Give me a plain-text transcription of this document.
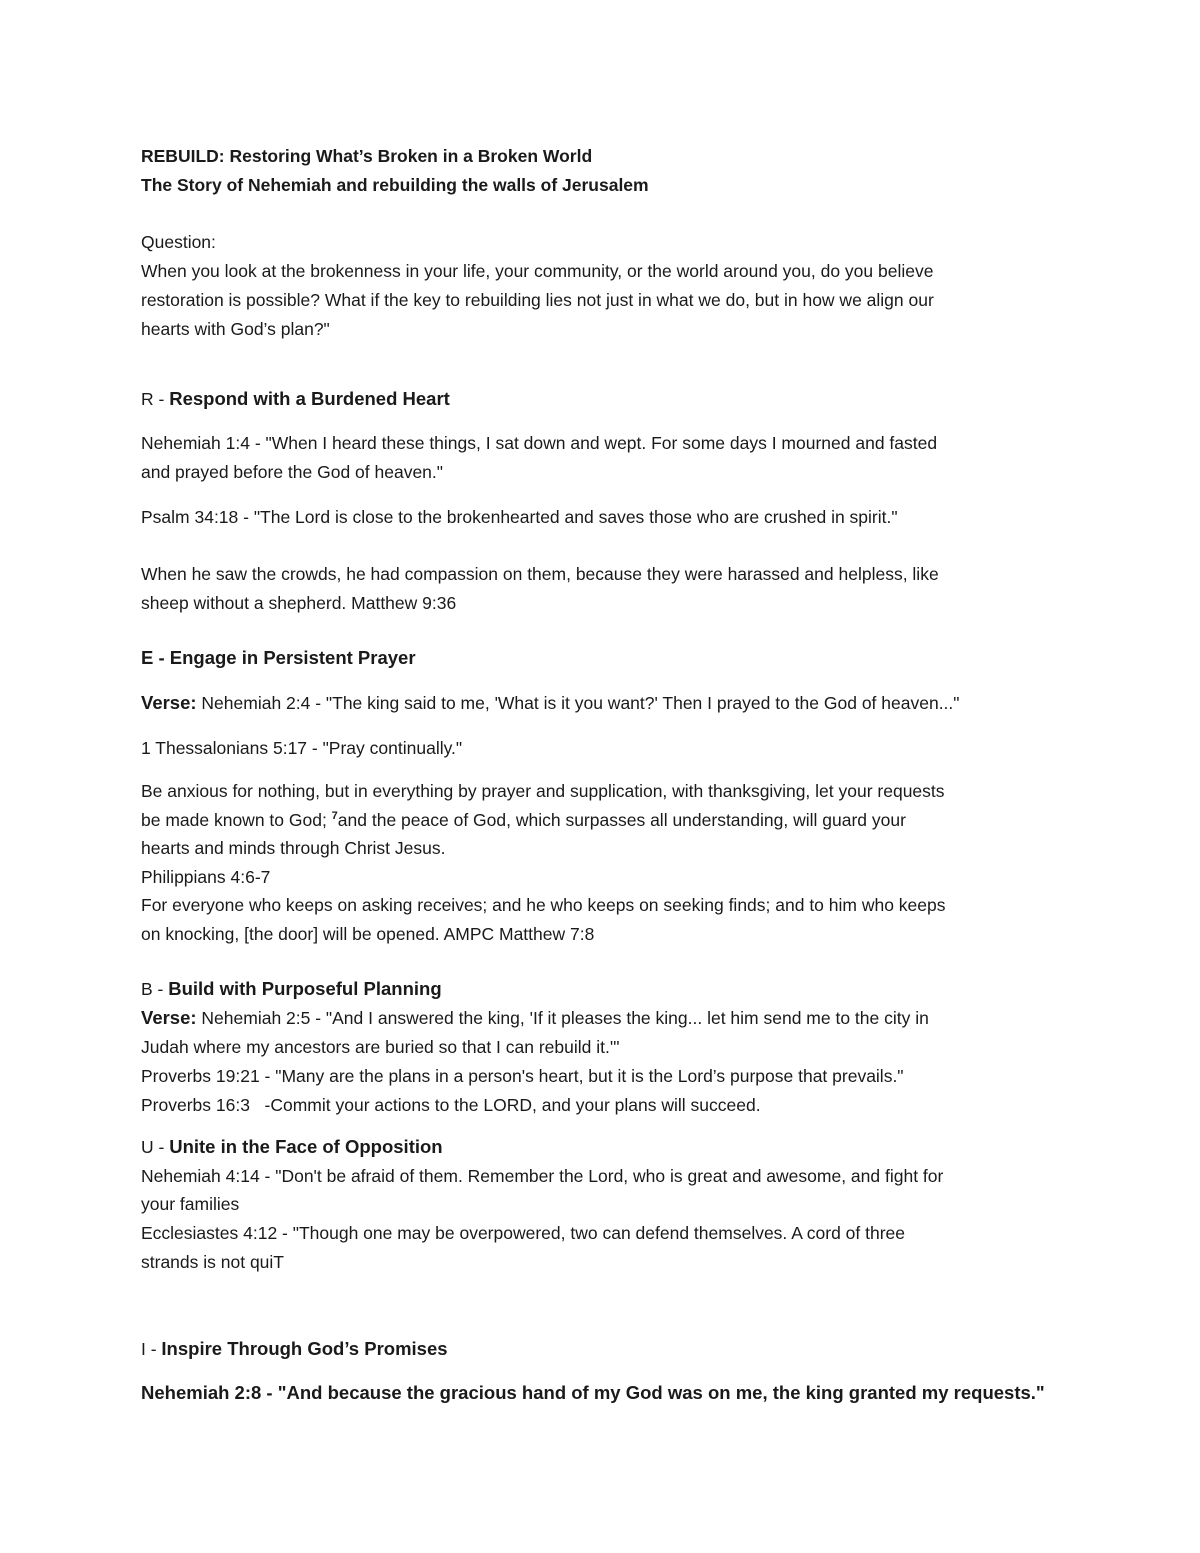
REBUILD: Restoring What’s Broken in a Broken World
The Story of Nehemiah and rebuilding the walls of Jerusalem
Question:
When you look at the brokenness in your life, your community, or the world around you, do you believe
restoration is possible? What if the key to rebuilding lies not just in what we do, but in how we align our
hearts with God’s plan?"
R - Respond with a Burdened Heart
Nehemiah 1:4 - "When I heard these things, I sat down and wept. For some days I mourned and fasted
and prayed before the God of heaven."
Psalm 34:18 - "The Lord is close to the brokenhearted and saves those who are crushed in spirit."
When he saw the crowds, he had compassion on them, because they were harassed and helpless, like
sheep without a shepherd. Matthew 9:36
E - Engage in Persistent Prayer
Verse: Nehemiah 2:4 - "The king said to me, 'What is it you want?' Then I prayed to the God of heaven..."
1 Thessalonians 5:17 - "Pray continually."
Be anxious for nothing, but in everything by prayer and supplication, with thanksgiving, let your requests
be made known to God; $^7$and the peace of God, which surpasses all understanding, will guard your
hearts and minds through Christ Jesus.
Philippians 4:6-7
For everyone who keeps on asking receives; and he who keeps on seeking finds; and to him who keeps
on knocking, [the door] will be opened. AMPC Matthew 7:8
B - Build with Purposeful Planning
Verse: Nehemiah 2:5 - "And I answered the king, 'If it pleases the king... let him send me to the city in
Judah where my ancestors are buried so that I can rebuild it.'"
Proverbs 19:21 - "Many are the plans in a person's heart, but it is the Lord’s purpose that prevails."
Proverbs 16:3   -Commit your actions to the LORD, and your plans will succeed.
U - Unite in the Face of Opposition
Nehemiah 4:14 - "Don't be afraid of them. Remember the Lord, who is great and awesome, and fight for
your families
Ecclesiastes 4:12 - "Though one may be overpowered, two can defend themselves. A cord of three
strands is not quiT
I - Inspire Through God’s Promises
Nehemiah 2:8 - "And because the gracious hand of my God was on me, the king granted my requests."
